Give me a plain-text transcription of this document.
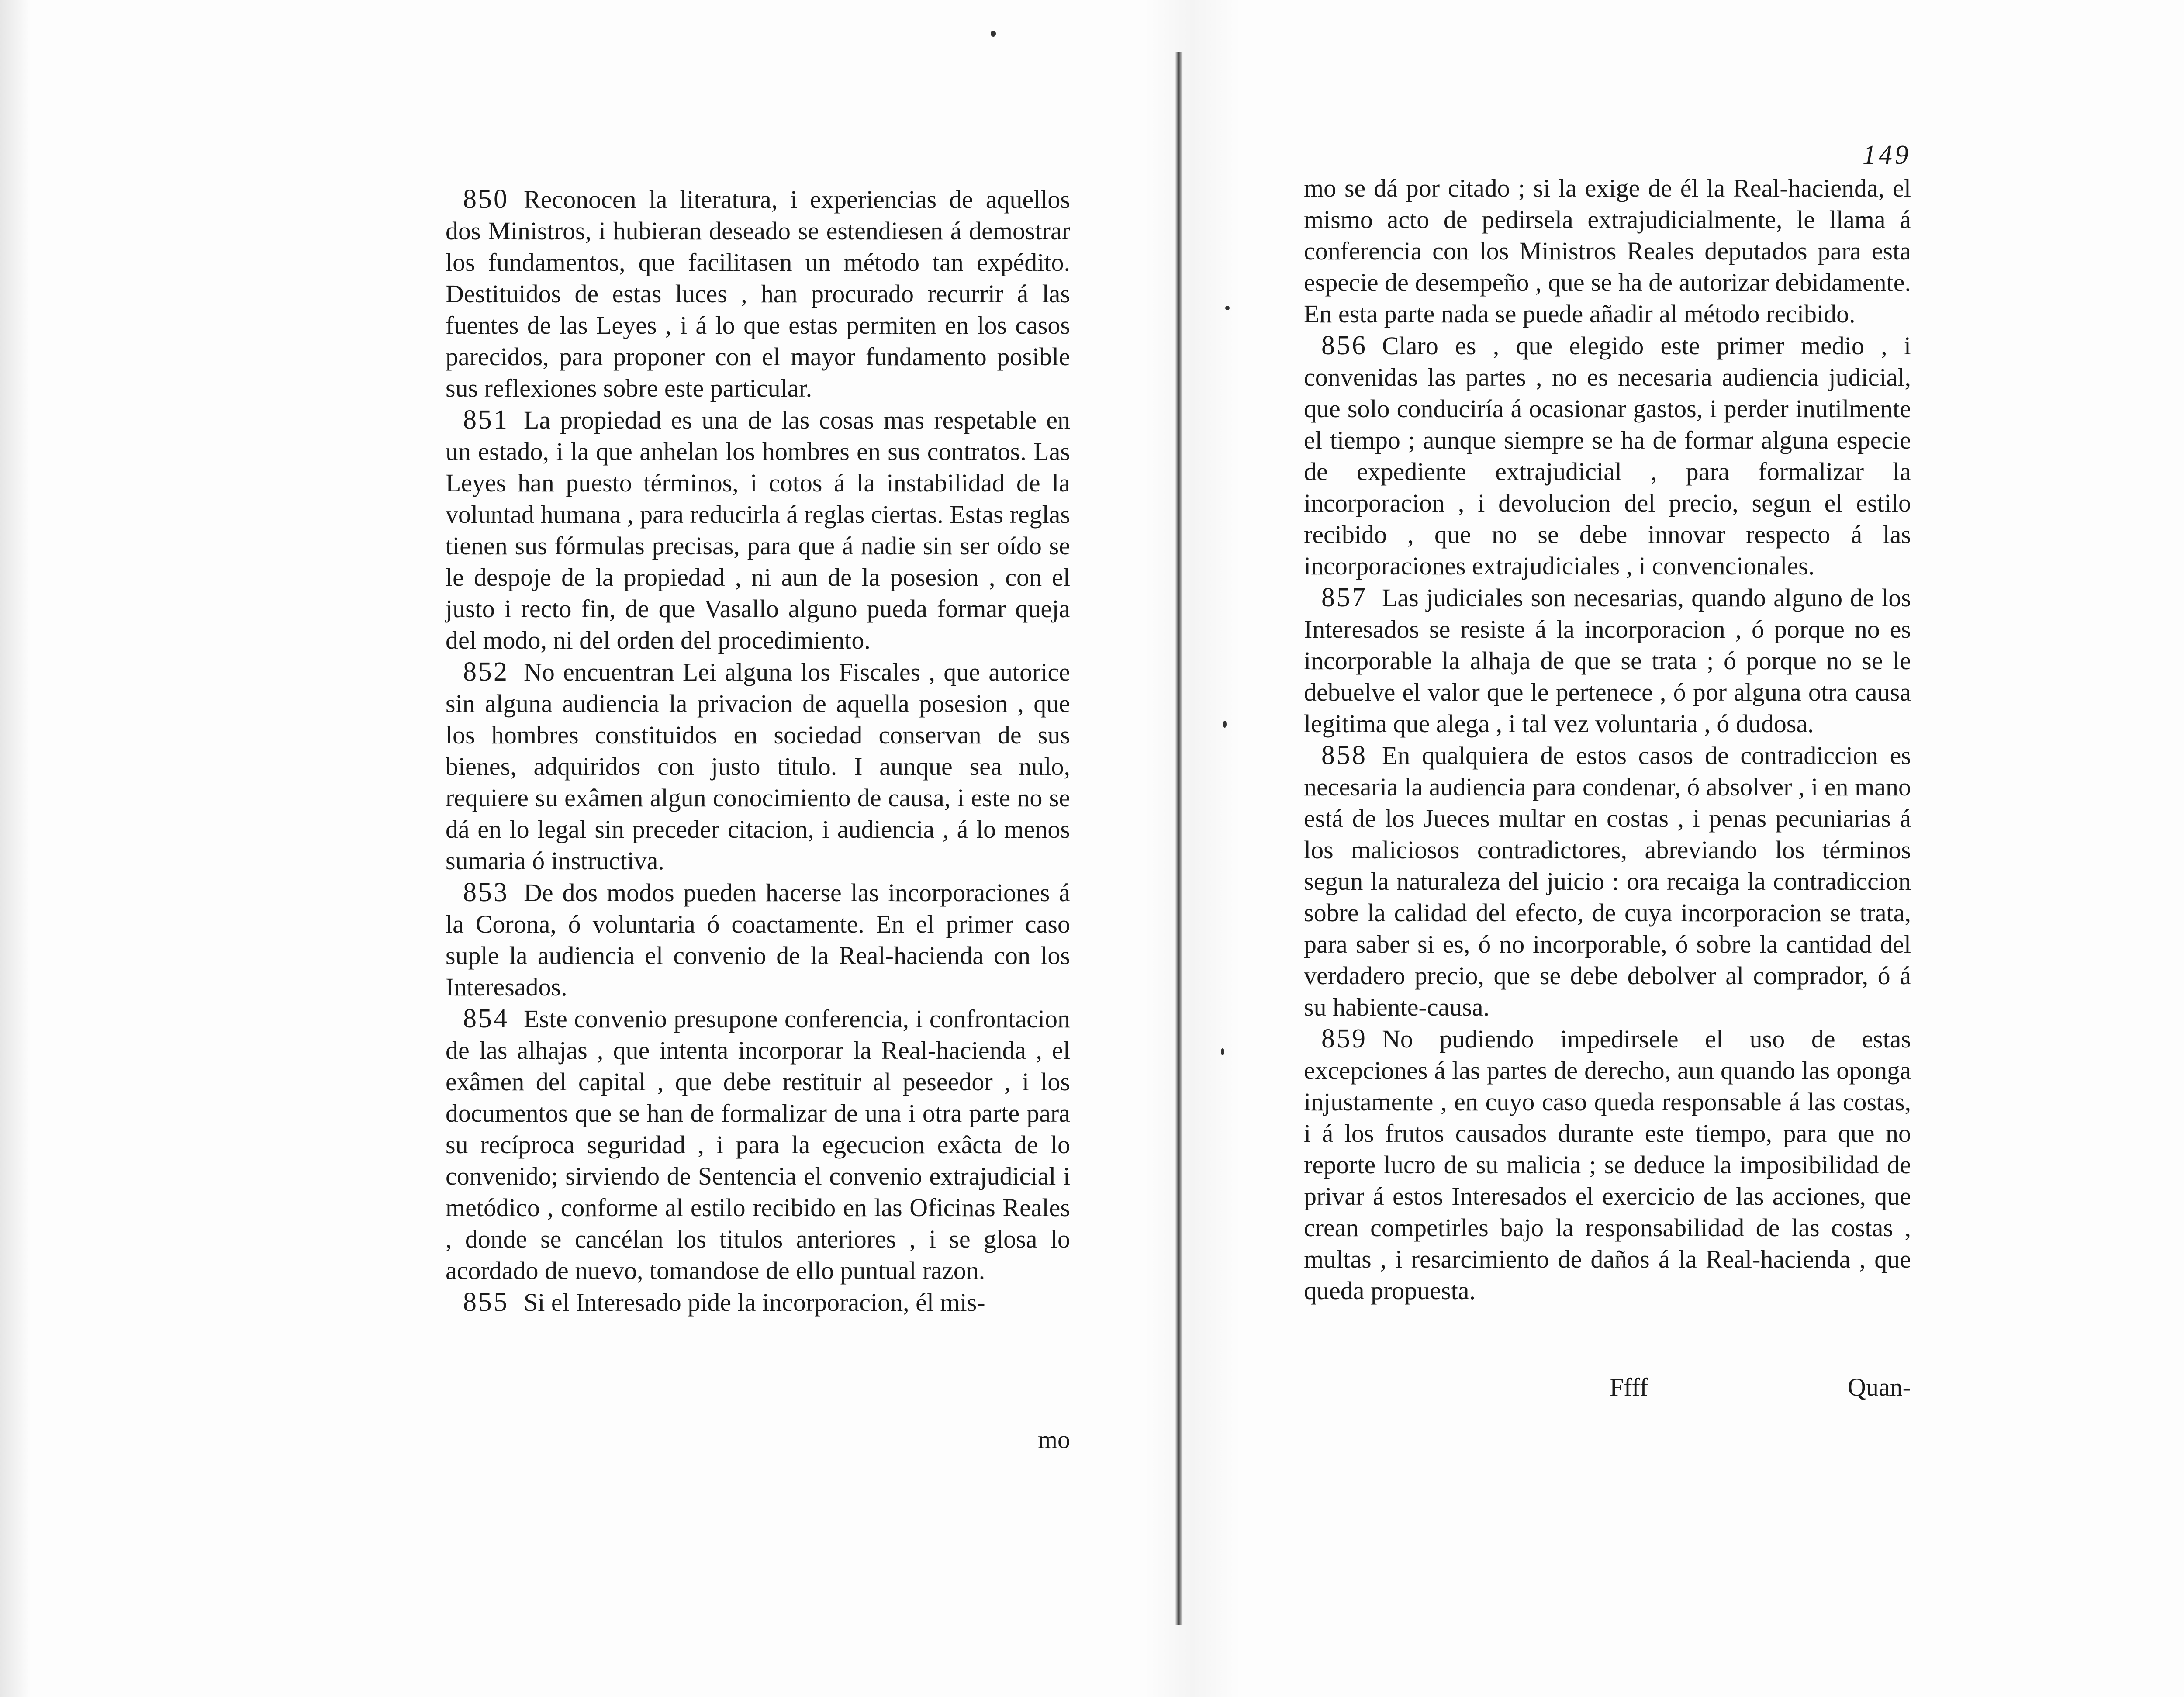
850 Reconocen la literatura, i experiencias de aquellos dos Ministros, i hubieran deseado se estendiesen á demostrar los fundamentos, que facilitasen un método tan expédito. Destituidos de estas luces , han procurado recurrir á las fuentes de las Leyes , i á lo que estas permiten en los casos parecidos, para proponer con el mayor fundamento posible sus reflexiones sobre este particular.

851 La propiedad es una de las cosas mas respetable en un estado, i la que anhelan los hombres en sus contratos. Las Leyes han puesto términos, i cotos á la instabilidad de la voluntad humana , para reducirla á reglas ciertas. Estas reglas tienen sus fórmulas precisas, para que á nadie sin ser oído se le despoje de la propiedad , ni aun de la posesion , con el justo i recto fin, de que Vasallo alguno pueda formar queja del modo, ni del orden del procedimiento.

852 No encuentran Lei alguna los Fiscales , que autorice sin alguna audiencia la privacion de aquella posesion , que los hombres constituidos en sociedad conservan de sus bienes, adquiridos con justo titulo. I aunque sea nulo, requiere su exâmen algun conocimiento de causa, i este no se dá en lo legal sin preceder citacion, i audiencia , á lo menos sumaria ó instructiva.

853 De dos modos pueden hacerse las incorporaciones á la Corona, ó voluntaria ó coactamente. En el primer caso suple la audiencia el convenio de la Real-hacienda con los Interesados.

854 Este convenio presupone conferencia, i confrontacion de las alhajas , que intenta incorporar la Real-hacienda , el exâmen del capital , que debe restituir al peseedor , i los documentos que se han de formalizar de una i otra parte para su recíproca seguridad , i para la egecucion exâcta de lo convenido; sirviendo de Sentencia el convenio extrajudicial i metódico , conforme al estilo recibido en las Oficinas Reales , donde se cancélan los titulos anteriores , i se glosa lo acordado de nuevo, tomandose de ello puntual razon.

855 Si el Interesado pide la incorporacion, él mis-

mo
149

mo se dá por citado ; si la exige de él la Real-hacienda, el mismo acto de pedirsela extrajudicialmente, le llama á conferencia con los Ministros Reales deputados para esta especie de desempeño , que se ha de autorizar debidamente. En esta parte nada se puede añadir al método recibido.

856 Claro es , que elegido este primer medio , i convenidas las partes , no es necesaria audiencia judicial, que solo conduciría á ocasionar gastos, i perder inutilmente el tiempo ; aunque siempre se ha de formar alguna especie de expediente extrajudicial , para formalizar la incorporacion , i devolucion del precio, segun el estilo recibido , que no se debe innovar respecto á las incorporaciones extrajudiciales , i convencionales.

857 Las judiciales son necesarias, quando alguno de los Interesados se resiste á la incorporacion , ó porque no es incorporable la alhaja de que se trata ; ó porque no se le debuelve el valor que le pertenece , ó por alguna otra causa legitima que alega , i tal vez voluntaria , ó dudosa.

858 En qualquiera de estos casos de contradiccion es necesaria la audiencia para condenar, ó absolver , i en mano está de los Jueces multar en costas , i penas pecuniarias á los maliciosos contradictores, abreviando los términos segun la naturaleza del juicio : ora recaiga la contradiccion sobre la calidad del efecto, de cuya incorporacion se trata, para saber si es, ó no incorporable, ó sobre la cantidad del verdadero precio, que se debe debolver al comprador, ó á su habiente-causa.

859 No pudiendo impedirsele el uso de estas excepciones á las partes de derecho, aun quando las oponga injustamente , en cuyo caso queda responsable á las costas, i á los frutos causados durante este tiempo, para que no reporte lucro de su malicia ; se deduce la imposibilidad de privar á estos Interesados el exercicio de las acciones, que crean competirles bajo la responsabilidad de las costas , multas , i resarcimiento de daños á la Real-hacienda , que queda propuesta.

Ffff	Quan-
